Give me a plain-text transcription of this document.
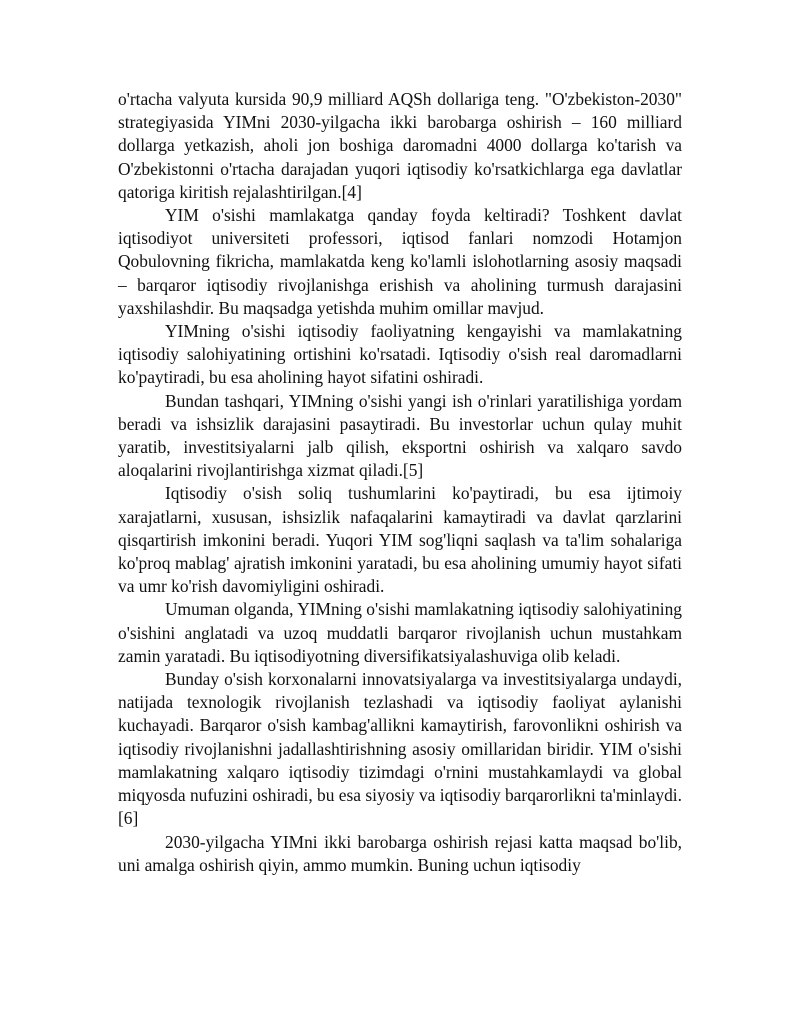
o'rtacha valyuta kursida 90,9 milliard AQSh dollariga teng. "O'zbekiston-2030" strategiyasida YIMni 2030-yilgacha ikki barobarga oshirish – 160 milliard dollarga yetkazish, aholi jon boshiga daromadni 4000 dollarga ko'tarish va O'zbekistonni o'rtacha darajadan yuqori iqtisodiy ko'rsatkichlarga ega davlatlar qatoriga kiritish rejalashtirilgan.[4]

YIM o'sishi mamlakatga qanday foyda keltiradi? Toshkent davlat iqtisodiyot universiteti professori, iqtisod fanlari nomzodi Hotamjon Qobulovning fikricha, mamlakatda keng ko'lamli islohotlarning asosiy maqsadi – barqaror iqtisodiy rivojlanishga erishish va aholining turmush darajasini yaxshilashdir. Bu maqsadga yetishda muhim omillar mavjud.

YIMning o'sishi iqtisodiy faoliyatning kengayishi va mamlakatning iqtisodiy salohiyatining ortishini ko'rsatadi. Iqtisodiy o'sish real daromadlarni ko'paytiradi, bu esa aholining hayot sifatini oshiradi.

Bundan tashqari, YIMning o'sishi yangi ish o'rinlari yaratilishiga yordam beradi va ishsizlik darajasini pasaytiradi. Bu investorlar uchun qulay muhit yaratib, investitsiyalarni jalb qilish, eksportni oshirish va xalqaro savdo aloqalarini rivojlantirishga xizmat qiladi.[5]

Iqtisodiy o'sish soliq tushumlarini ko'paytiradi, bu esa ijtimoiy xarajatlarni, xususan, ishsizlik nafaqalarini kamaytiradi va davlat qarzlarini qisqartirish imkonini beradi. Yuqori YIM sog'liqni saqlash va ta'lim sohalariga ko'proq mablag' ajratish imkonini yaratadi, bu esa aholining umumiy hayot sifati va umr ko'rish davomiyligini oshiradi.

Umuman olganda, YIMning o'sishi mamlakatning iqtisodiy salohiyatining o'sishini anglatadi va uzoq muddatli barqaror rivojlanish uchun mustahkam zamin yaratadi. Bu iqtisodiyotning diversifikatsiyalashuviga olib keladi.

Bunday o'sish korxonalarni innovatsiyalarga va investitsiyalarga undaydi, natijada texnologik rivojlanish tezlashadi va iqtisodiy faoliyat aylanishi kuchayadi. Barqaror o'sish kambag'allikni kamaytirish, farovonlikni oshirish va iqtisodiy rivojlanishni jadallashtirishning asosiy omillaridan biridir. YIM o'sishi mamlakatning xalqaro iqtisodiy tizimdagi o'rnini mustahkamlaydi va global miqyosda nufuzini oshiradi, bu esa siyosiy va iqtisodiy barqarorlikni ta'minlaydi.[6]

2030-yilgacha YIMni ikki barobarga oshirish rejasi katta maqsad bo'lib, uni amalga oshirish qiyin, ammo mumkin. Buning uchun iqtisodiy
